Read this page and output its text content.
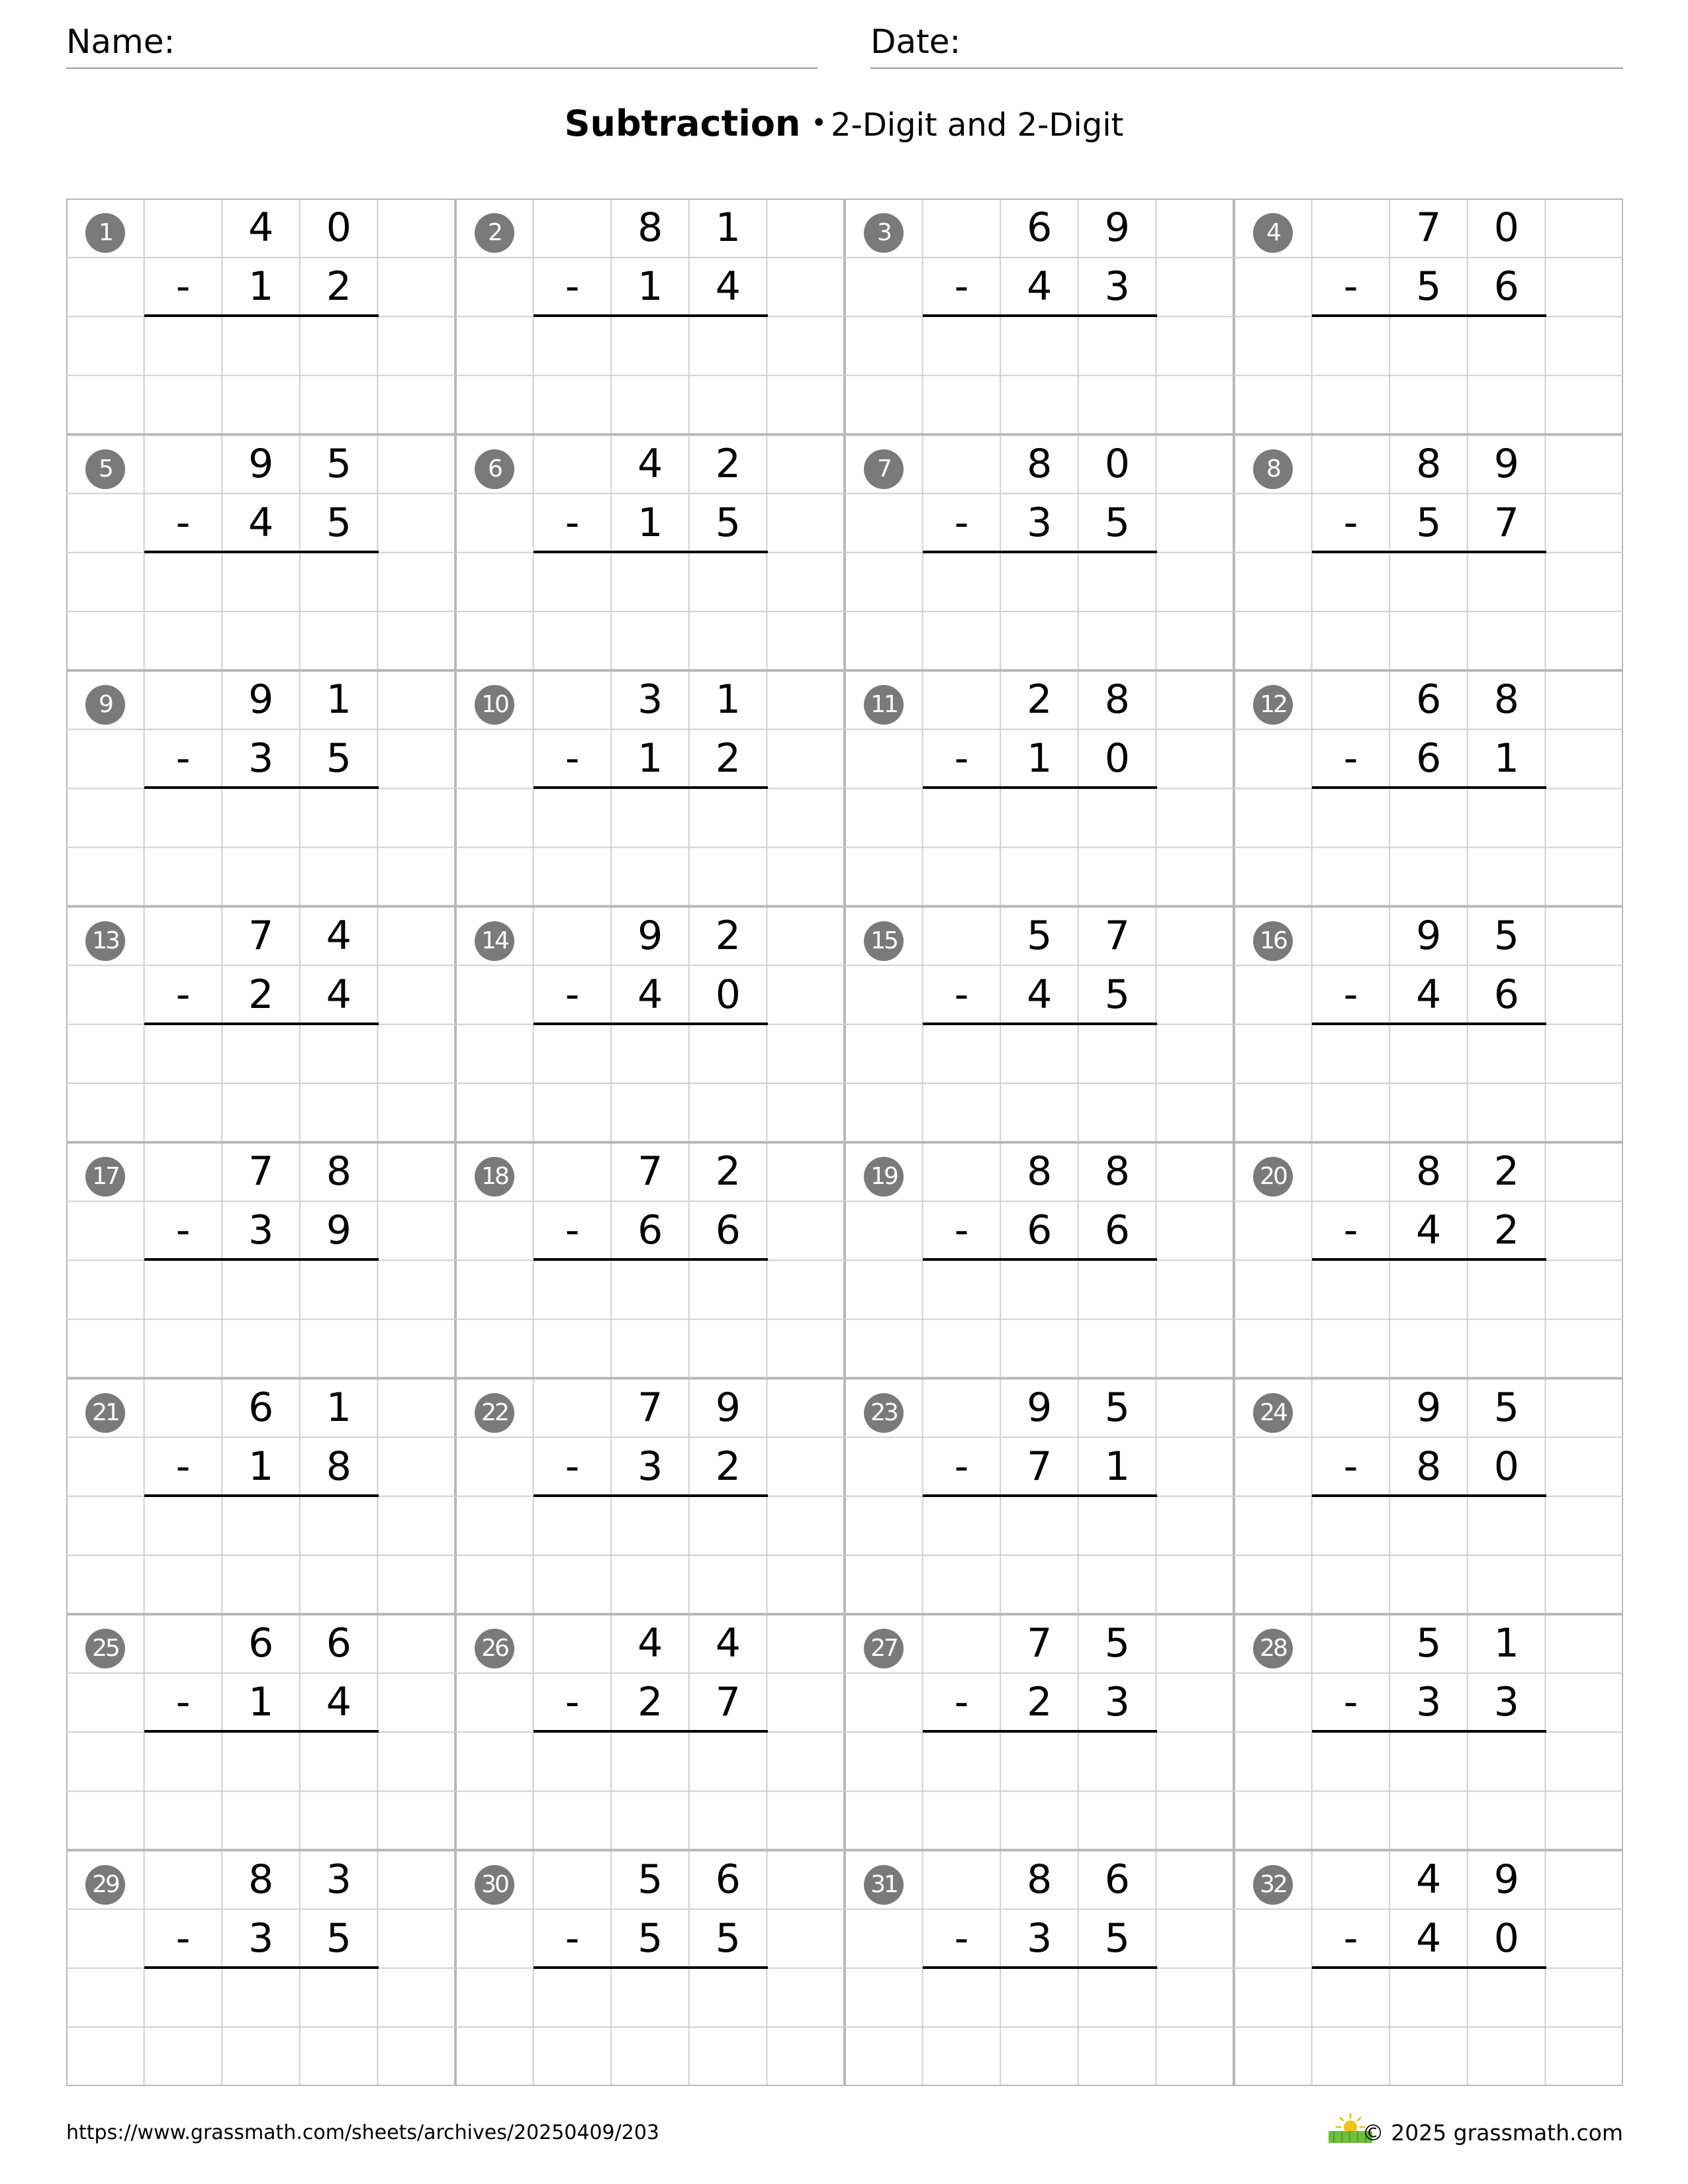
Name:	Date:
Subtraction • 2-Digit and 2-Digit
1	4	0
-	1	2
2	8	1
-	1	4
3	6	9
-	4	3
4	7	0
-	5	6
5	9	5
-	4	5
6	4	2
-	1	5
7	8	0
-	3	5
8	8	9
-	5	7
9	9	1
-	3	5
10	3	1
-	1	2
11	2	8
-	1	0
12	6	8
-	6	1
13	7	4
-	2	4
14	9	2
-	4	0
15	5	7
-	4	5
16	9	5
-	4	6
17	7	8
-	3	9
18	7	2
-	6	6
19	8	8
-	6	6
20	8	2
-	4	2
21	6	1
-	1	8
22	7	9
-	3	2
23	9	5
-	7	1
24	9	5
-	8	0
25	6	6
-	1	4
26	4	4
-	2	7
27	7	5
-	2	3
28	5	1
-	3	3
29	8	3
-	3	5
30	5	6
-	5	5
31	8	6
-	3	5
32	4	9
-	4	0
https://www.grassmath.com/sheets/archives/20250409/203	© 2025 grassmath.com
